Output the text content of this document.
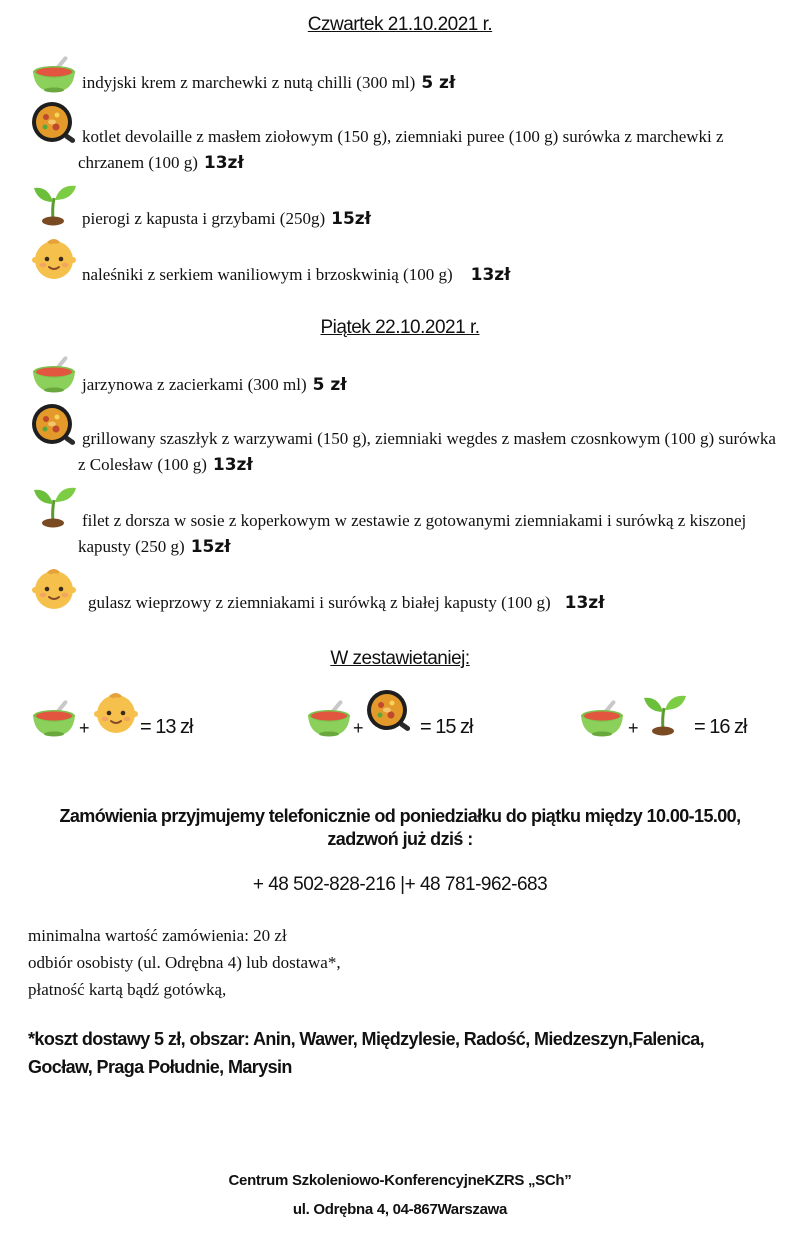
Czwartek 21.10.2021 r.
indyjski krem z marchewki z nutą chilli (300 ml) 5 zł
kotlet devolaille z masłem ziołowym (150 g), ziemniaki puree (100 g) surówka z marchewki z chrzanem (100 g) 13zł
pierogi z kapusta i grzybami (250g) 15zł
naleśniki z serkiem waniliowym i brzoskwinią (100 g) 13zł
Piątek 22.10.2021 r.
jarzynowa z zacierkami (300 ml) 5 zł
grillowany szaszłyk z warzywami (150 g), ziemniaki wegdes z masłem czosnkowym (100 g) surówka z Colesław (100 g) 13zł
filet z dorsza w sosie z koperkowym w zestawie z gotowanymi ziemniakami i surówką z kiszonej kapusty (250 g) 15zł
gulasz wieprzowy z ziemniakami i surówką z białej kapusty (100 g) 13zł
W zestawietaniej:
+	= 13 zł	+	= 15 zł	+	= 16 zł
Zamówienia przyjmujemy telefonicznie od poniedziałku do piątku między 10.00-15.00,
zadzwoń już dziś :
+ 48 502-828-216 |+ 48 781-962-683
minimalna wartość zamówienia: 20 zł
odbiór osobisty (ul. Odrębna 4) lub dostawa*,
płatność kartą bądź gotówką,
*koszt dostawy 5 zł, obszar: Anin, Wawer, Międzylesie, Radość, Miedzeszyn,Falenica,
Gocław, Praga Południe, Marysin
Centrum Szkoleniowo-KonferencyjneKZRS „SCh”
ul. Odrębna 4, 04-867Warszawa
